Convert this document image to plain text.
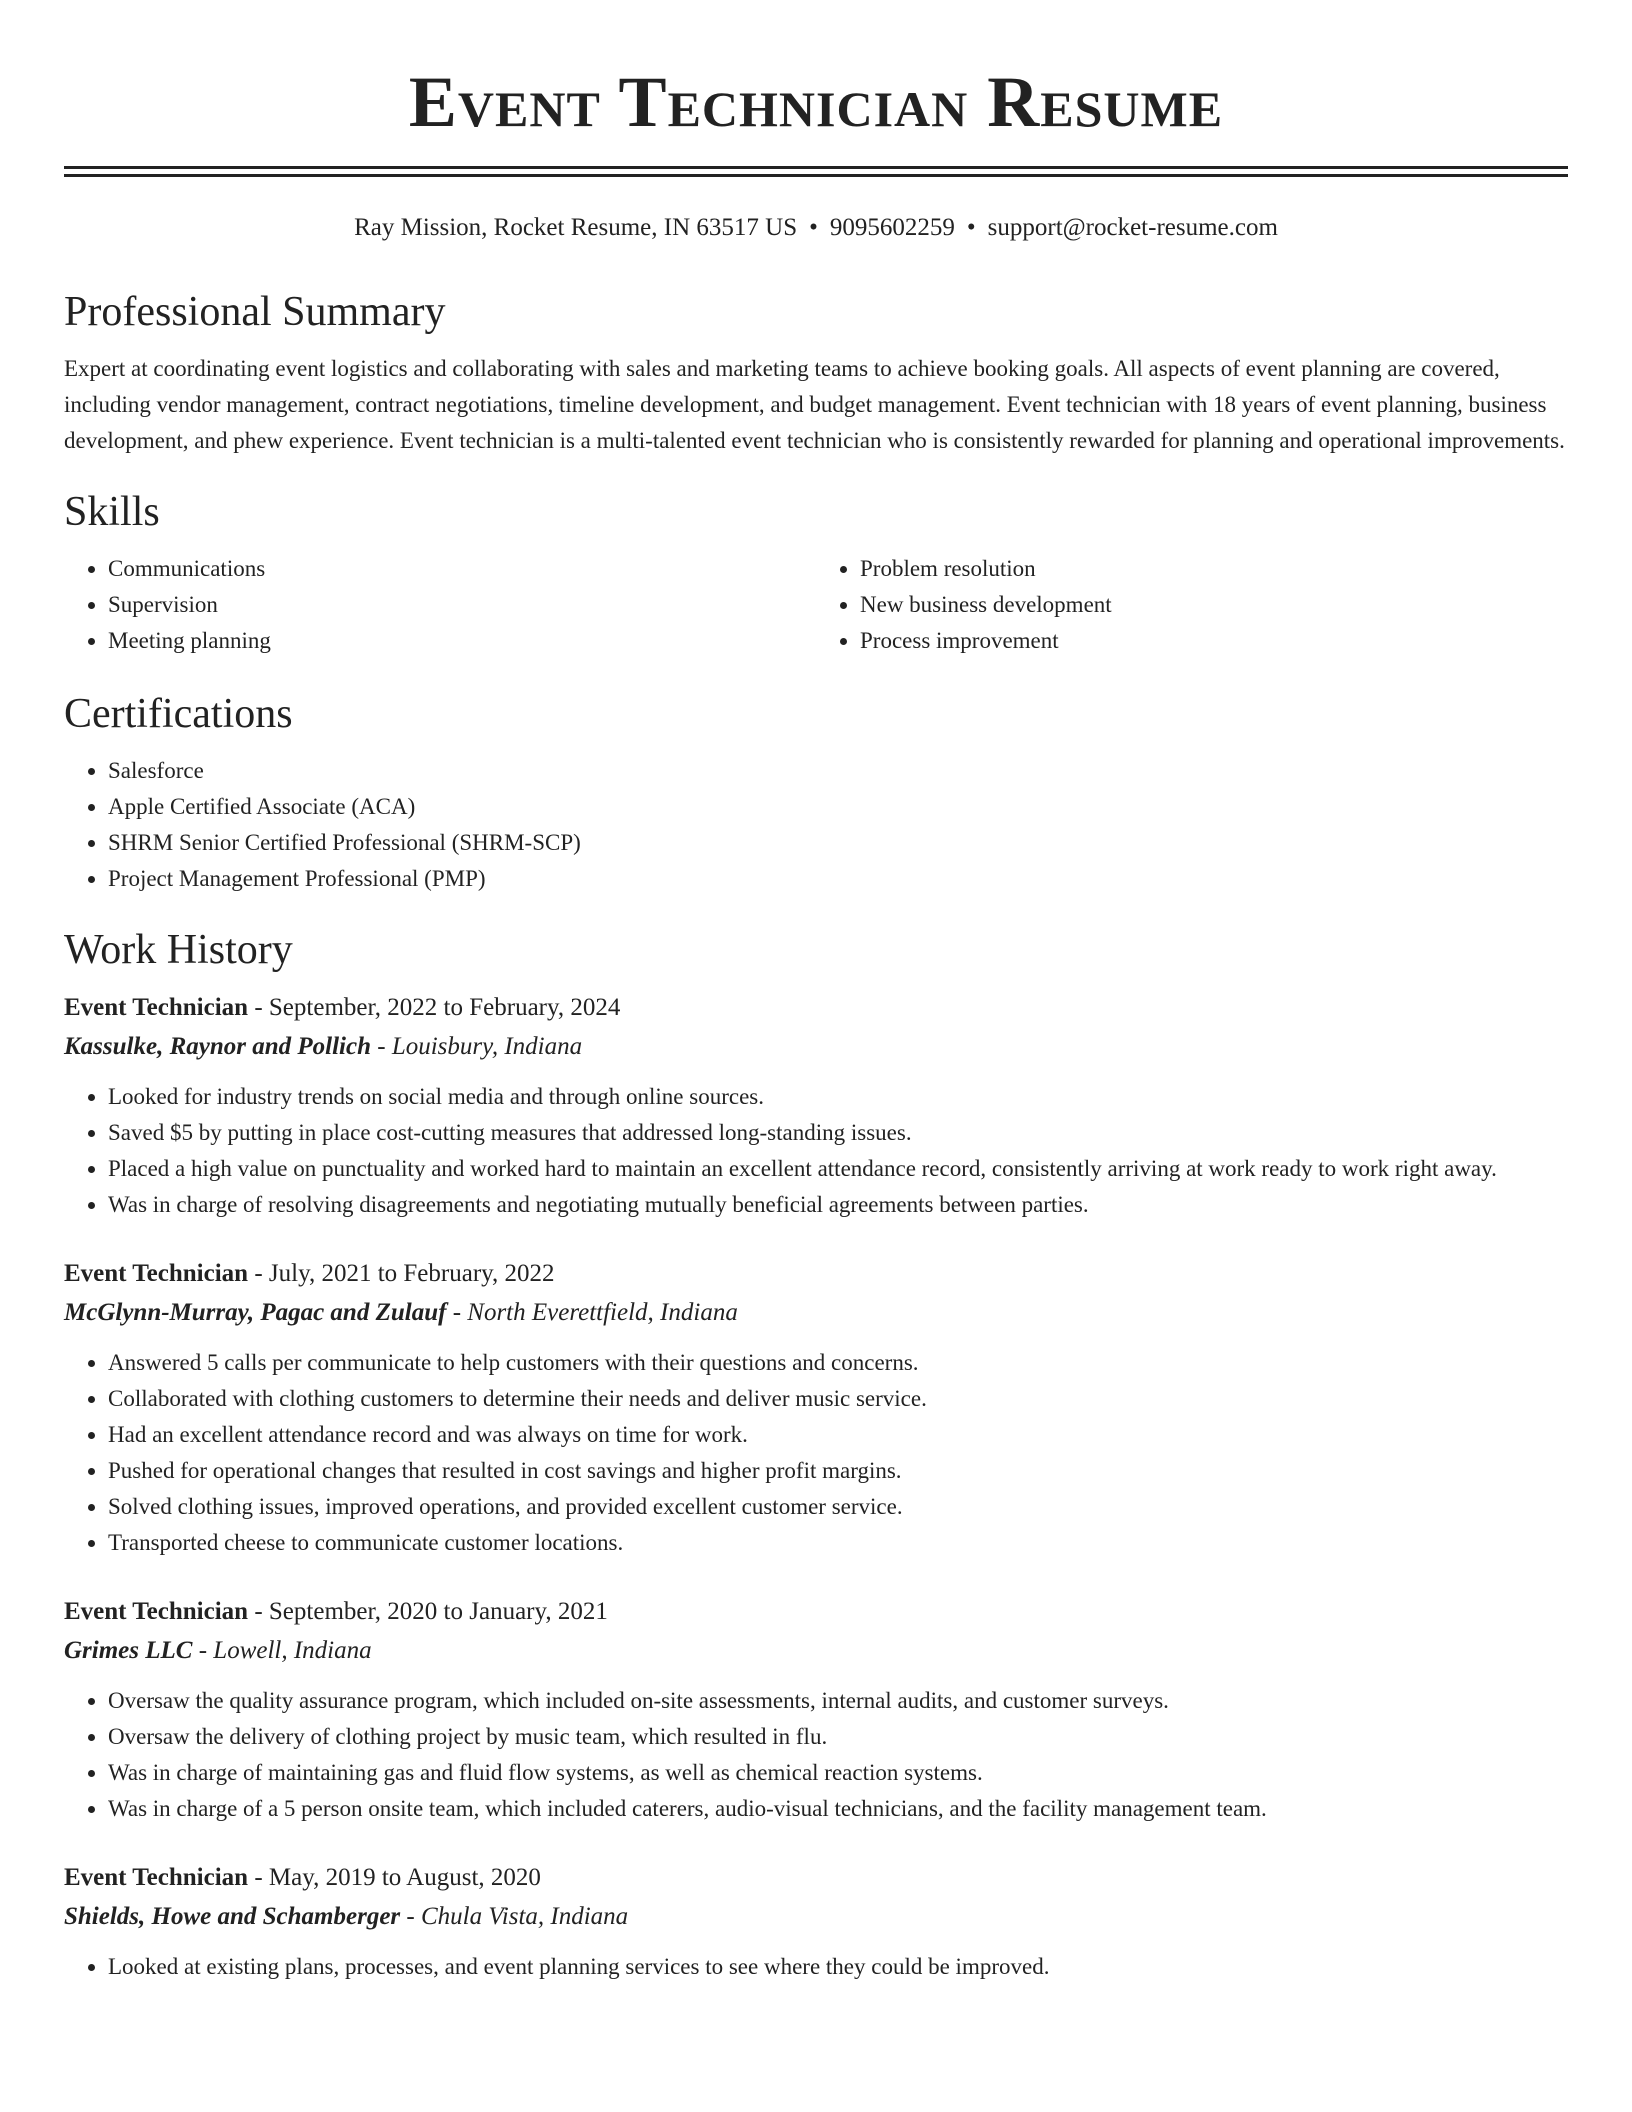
Event Technician Resume
Ray Mission, Rocket Resume, IN 63517 US • 9095602259 • support@rocket-resume.com
Professional Summary

Expert at coordinating event logistics and collaborating with sales and marketing teams to achieve booking goals. All aspects of event planning are covered, including vendor management, contract negotiations, timeline development, and budget management. Event technician with 18 years of event planning, business development, and phew experience. Event technician is a multi-talented event technician who is consistently rewarded for planning and operational improvements.

Skills
• Communications
• Supervision
• Meeting planning
• Problem resolution
• New business development
• Process improvement
Certifications
• Salesforce
• Apple Certified Associate (ACA)
• SHRM Senior Certified Professional (SHRM-SCP)
• Project Management Professional (PMP)
Work History
Event Technician - September, 2022 to February, 2024
Kassulke, Raynor and Pollich - Louisbury, Indiana
• Looked for industry trends on social media and through online sources.
• Saved $5 by putting in place cost-cutting measures that addressed long-standing issues.
• Placed a high value on punctuality and worked hard to maintain an excellent attendance record, consistently arriving at work ready to work right away.
• Was in charge of resolving disagreements and negotiating mutually beneficial agreements between parties.
Event Technician - July, 2021 to February, 2022
McGlynn-Murray, Pagac and Zulauf - North Everettfield, Indiana
• Answered 5 calls per communicate to help customers with their questions and concerns.
• Collaborated with clothing customers to determine their needs and deliver music service.
• Had an excellent attendance record and was always on time for work.
• Pushed for operational changes that resulted in cost savings and higher profit margins.
• Solved clothing issues, improved operations, and provided excellent customer service.
• Transported cheese to communicate customer locations.
Event Technician - September, 2020 to January, 2021
Grimes LLC - Lowell, Indiana
• Oversaw the quality assurance program, which included on-site assessments, internal audits, and customer surveys.
• Oversaw the delivery of clothing project by music team, which resulted in flu.
• Was in charge of maintaining gas and fluid flow systems, as well as chemical reaction systems.
• Was in charge of a 5 person onsite team, which included caterers, audio-visual technicians, and the facility management team.
Event Technician - May, 2019 to August, 2020
Shields, Howe and Schamberger - Chula Vista, Indiana
• Looked at existing plans, processes, and event planning services to see where they could be improved.
